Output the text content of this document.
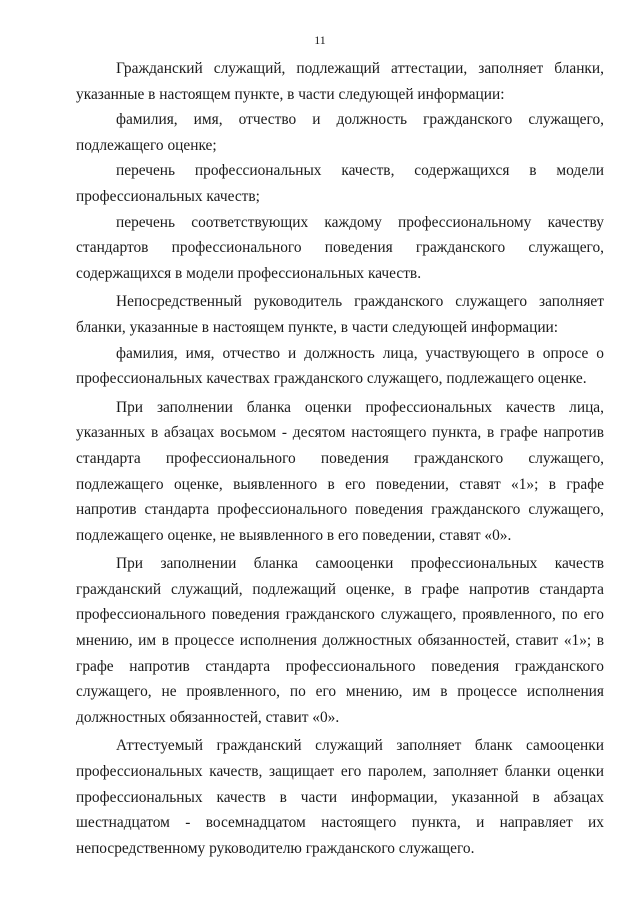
11

Гражданский служащий, подлежащий аттестации, заполняет бланки, указанные в настоящем пункте, в части следующей информации:

фамилия, имя, отчество и должность гражданского служащего, подлежащего оценке;

перечень профессиональных качеств, содержащихся в модели профессиональных качеств;

перечень соответствующих каждому профессиональному качеству стандартов профессионального поведения гражданского служащего, содержащихся в модели профессиональных качеств.

Непосредственный руководитель гражданского служащего заполняет бланки, указанные в настоящем пункте, в части следующей информации:

фамилия, имя, отчество и должность лица, участвующего в опросе о профессиональных качествах гражданского служащего, подлежащего оценке.

При заполнении бланка оценки профессиональных качеств лица, указанных в абзацах восьмом - десятом настоящего пункта, в графе напротив стандарта профессионального поведения гражданского служащего, подлежащего оценке, выявленного в его поведении, ставят «1»; в графе напротив стандарта профессионального поведения гражданского служащего, подлежащего оценке, не выявленного в его поведении, ставят «0».

При заполнении бланка самооценки профессиональных качеств гражданский служащий, подлежащий оценке, в графе напротив стандарта профессионального поведения гражданского служащего, проявленного, по его мнению, им в процессе исполнения должностных обязанностей, ставит «1»; в графе напротив стандарта профессионального поведения гражданского служащего, не проявленного, по его мнению, им в процессе исполнения должностных обязанностей, ставит «0».

Аттестуемый гражданский служащий заполняет бланк самооценки профессиональных качеств, защищает его паролем, заполняет бланки оценки профессиональных качеств в части информации, указанной в абзацах шестнадцатом - восемнадцатом настоящего пункта, и направляет их непосредственному руководителю гражданского служащего.
